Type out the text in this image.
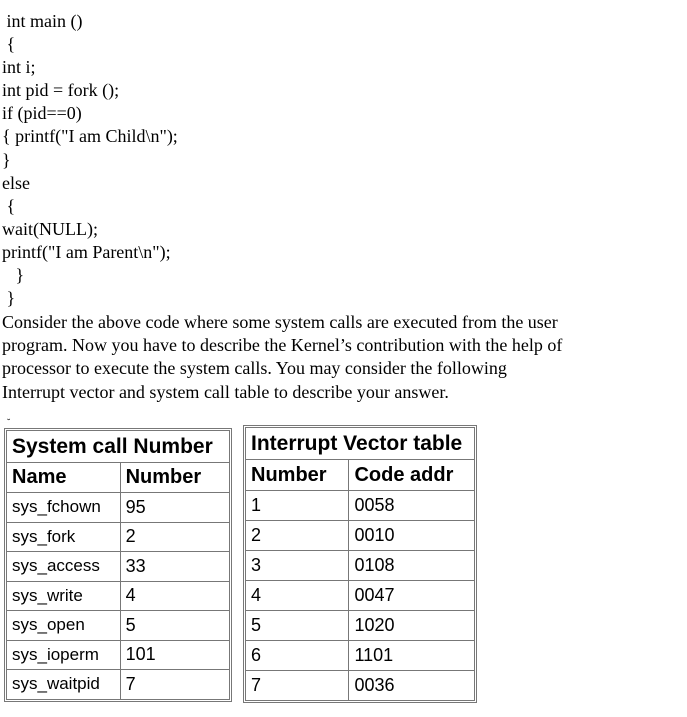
int main ()
{
int i;
int pid = fork ();
if (pid==0)
{ printf("I am Child\n");
}
else
{
wait(NULL);
printf("I am Parent\n");
}
}
Consider the above code where some system calls are executed from the user
program. Now you have to describe the Kernel’s contribution with the help of
processor to execute the system calls. You may consider the following
Interrupt vector and system call table to describe your answer.
˘
System call Number	
Name	Number
sys_fchown	95
sys_fork	2
sys_access	33
sys_write	4
sys_open	5
sys_ioperm	101
sys_waitpid	7
Interrupt Vector table	
Number	Code addr
1	0058
2	0010
3	0108
4	0047
5	1020
6	1101
7	0036
